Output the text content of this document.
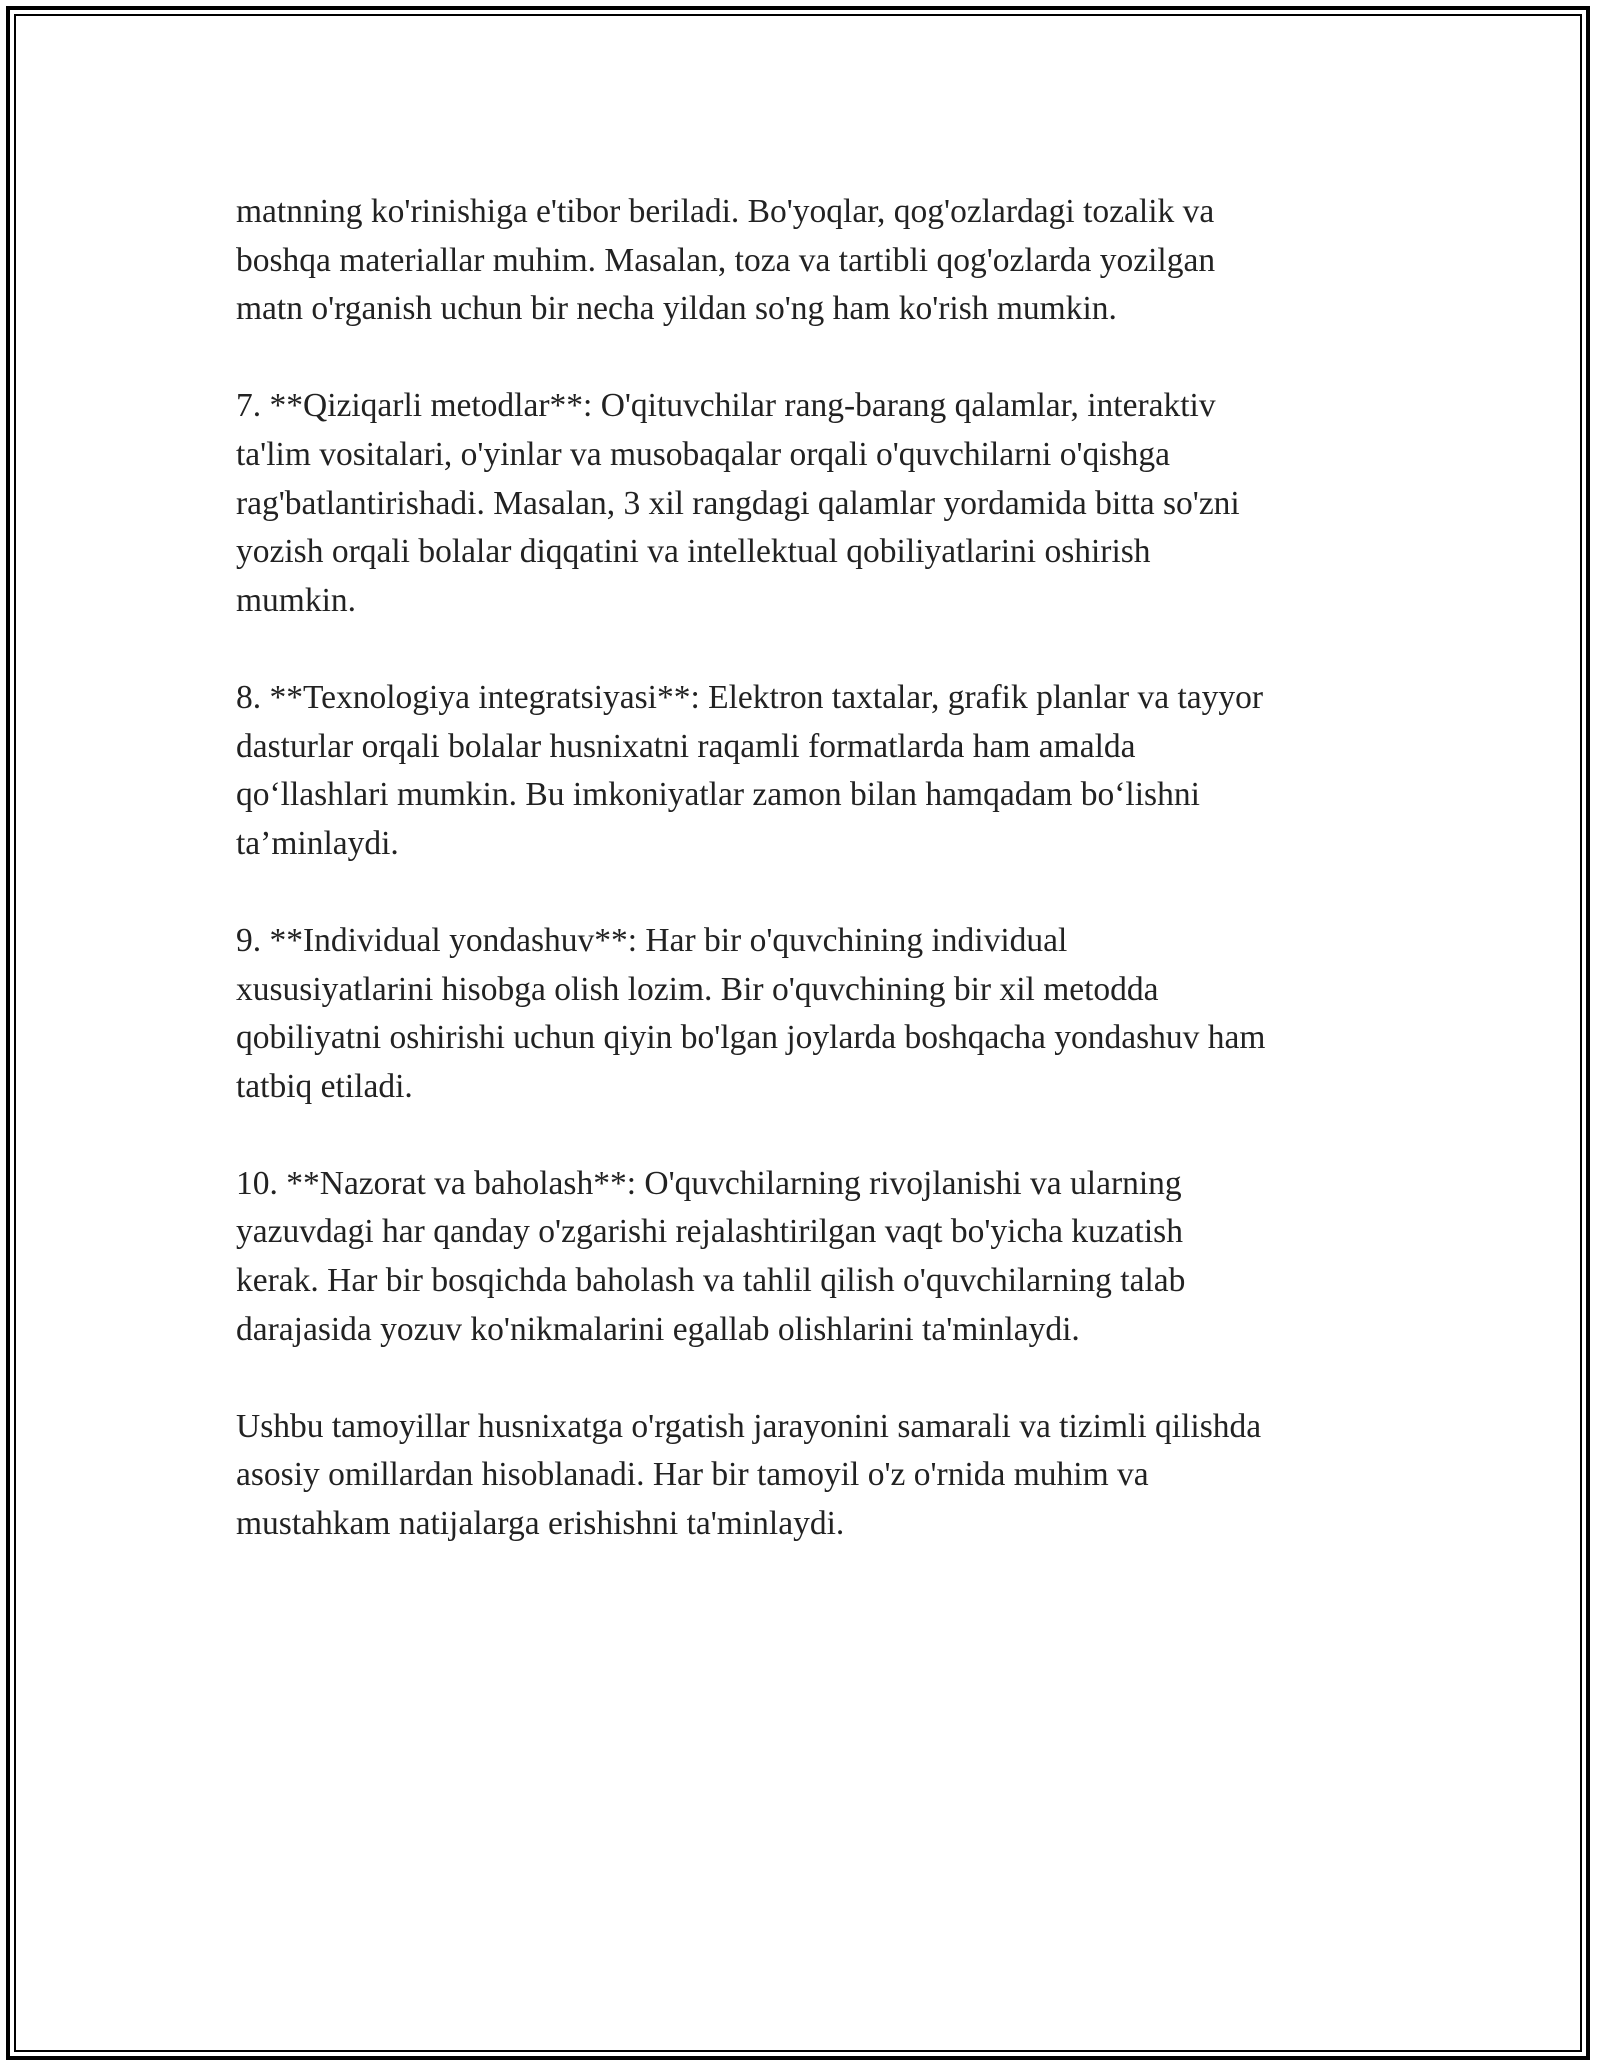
matnning ko'rinishiga e'tibor beriladi. Bo'yoqlar, qog'ozlardagi tozalik va
boshqa materiallar muhim. Masalan, toza va tartibli qog'ozlarda yozilgan
matn o'rganish uchun bir necha yildan so'ng ham ko'rish mumkin.

7. **Qiziqarli metodlar**: O'qituvchilar rang-barang qalamlar, interaktiv
ta'lim vositalari, o'yinlar va musobaqalar orqali o'quvchilarni o'qishga
rag'batlantirishadi. Masalan, 3 xil rangdagi qalamlar yordamida bitta so'zni
yozish orqali bolalar diqqatini va intellektual qobiliyatlarini oshirish
mumkin.

8. **Texnologiya integratsiyasi**: Elektron taxtalar, grafik planlar va tayyor
dasturlar orqali bolalar husnixatni raqamli formatlarda ham amalda
qo‘llashlari mumkin. Bu imkoniyatlar zamon bilan hamqadam bo‘lishni
ta’minlaydi.

9. **Individual yondashuv**: Har bir o'quvchining individual
xususiyatlarini hisobga olish lozim. Bir o'quvchining bir xil metodda
qobiliyatni oshirishi uchun qiyin bo'lgan joylarda boshqacha yondashuv ham
tatbiq etiladi.

10. **Nazorat va baholash**: O'quvchilarning rivojlanishi va ularning
yazuvdagi har qanday o'zgarishi rejalashtirilgan vaqt bo'yicha kuzatish
kerak. Har bir bosqichda baholash va tahlil qilish o'quvchilarning talab
darajasida yozuv ko'nikmalarini egallab olishlarini ta'minlaydi.

Ushbu tamoyillar husnixatga o'rgatish jarayonini samarali va tizimli qilishda
asosiy omillardan hisoblanadi. Har bir tamoyil o'z o'rnida muhim va
mustahkam natijalarga erishishni ta'minlaydi.
